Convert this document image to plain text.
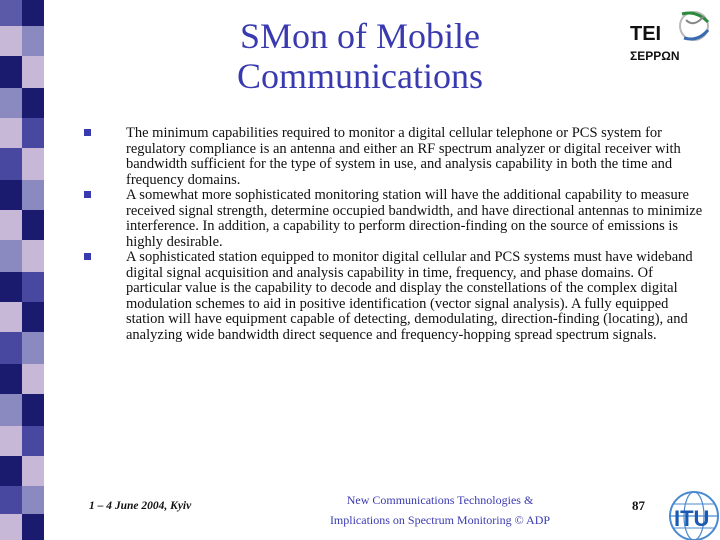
SMon of Mobile
Communications
TEI
ΣΕΡΡΩΝ
The minimum capabilities required to monitor a digital cellular telephone or PCS system for regulatory compliance is an antenna and either an RF spectrum analyzer or digital receiver with bandwidth sufficient for the type of system in use, and analysis capability in both the time and frequency domains.
A somewhat more sophisticated monitoring station will have the additional capability to measure received signal strength, determine occupied bandwidth, and have directional antennas to minimize interference. In addition, a capability to perform direction-finding on the source of emissions is highly desirable.
A sophisticated station equipped to monitor digital cellular and PCS systems must have wideband digital signal acquisition and analysis capability in time, frequency, and phase domains. Of particular value is the capability to decode and display the constellations of the complex digital modulation schemes to aid in positive identification (vector signal analysis). A fully equipped station will have equipment capable of detecting, demodulating, direction-finding (locating), and analyzing wide bandwidth direct sequence and frequency-hopping spread spectrum signals.
1 – 4 June 2004, Kyiv	New Communications Technologies &
Implications on Spectrum Monitoring © ADP
87
ITU
